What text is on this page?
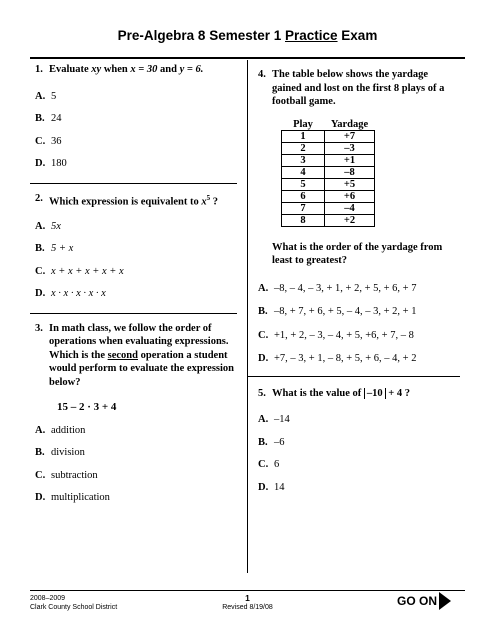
Pre-Algebra 8 Semester 1 Practice Exam
1. Evaluate xy when x = 30 and y = 6.
A. 5
B. 24
C. 36
D. 180
2. Which expression is equivalent to $x^5$ ?
A. 5x
B. 5 + x
C. x + x + x + x + x
D. x · x · x · x · x
3. In math class, we follow the order of operations when evaluating expressions. Which is the second operation a student would perform to evaluate the expression below?
15 – 2 · 3 + 4
A. addition
B. division
C. subtraction
D. multiplication
4. The table below shows the yardage gained and lost on the first 8 plays of a football game.
Play	Yardage
1	+7
2	–3
3	+1
4	–8
5	+5
6	+6
7	–4
8	+2
What is the order of the yardage from least to greatest?
A. –8, – 4, – 3, + 1, + 2, + 5, + 6, + 7
B. –8, + 7, + 6, + 5, – 4, – 3, + 2, + 1
C. +1, + 2, – 3, – 4, + 5, +6, + 7, – 8
D. +7, – 3, + 1, – 8, + 5, + 6, – 4, + 2
5. What is the value of –10 + 4 ?
A. –14
B. –6
C. 6
D. 14
2008–2009
Clark County School District
1
Revised 8/19/08	GO ON
